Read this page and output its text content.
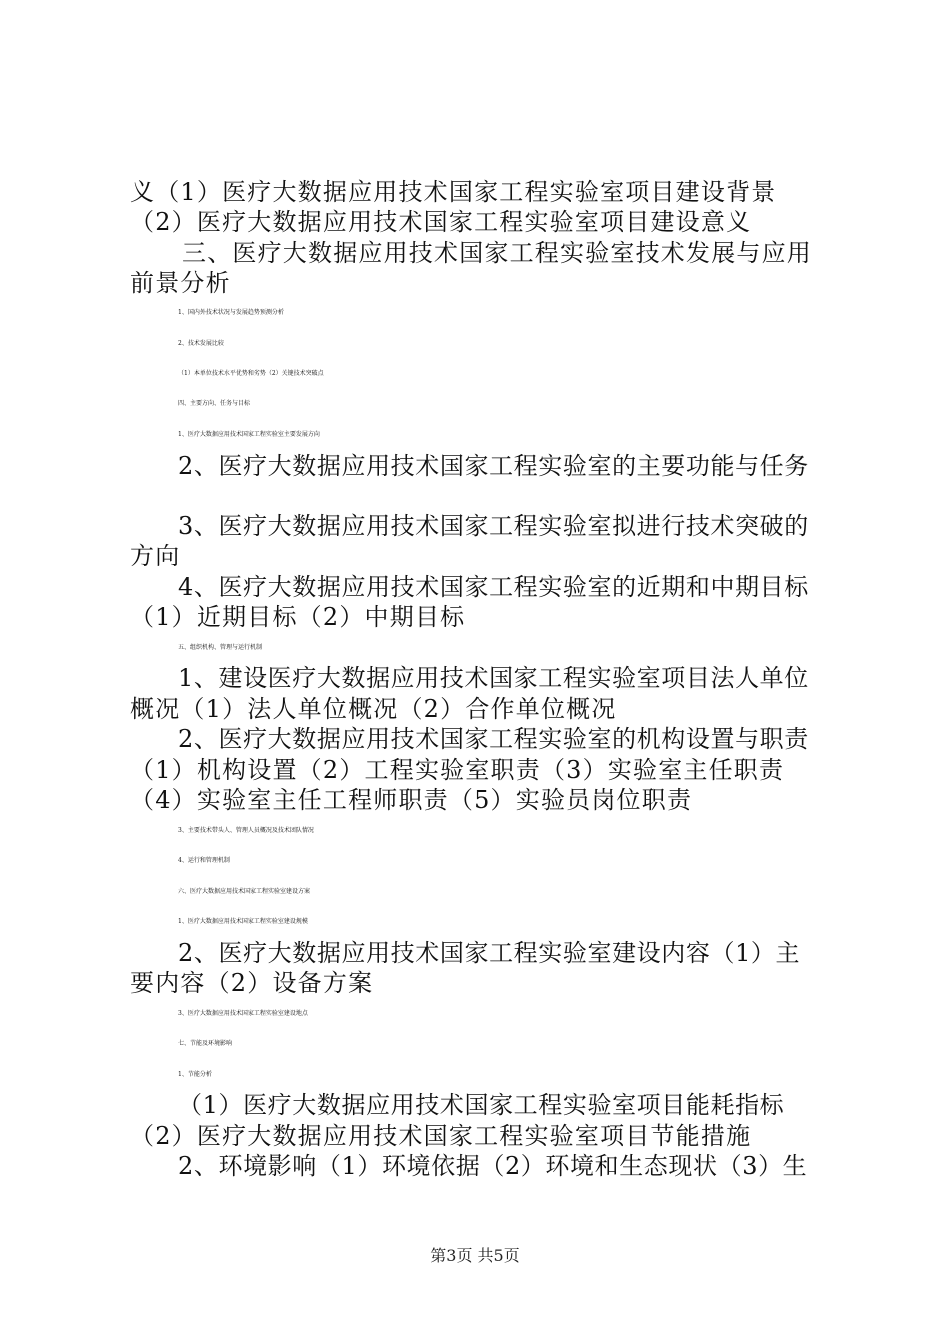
义（1）医疗大数据应用技术国家工程实验室项目建设背景
（2）医疗大数据应用技术国家工程实验室项目建设意义
三、医疗大数据应用技术国家工程实验室技术发展与应用
前景分析
1、国内外技术状况与发展趋势预测分析
2、技术发展比较
（1）本单位技术水平优势和劣势（2）关键技术突破点
四、主要方向、任务与目标
1、医疗大数据应用技术国家工程实验室主要发展方向
2、医疗大数据应用技术国家工程实验室的主要功能与任务
3、医疗大数据应用技术国家工程实验室拟进行技术突破的
方向
4、医疗大数据应用技术国家工程实验室的近期和中期目标
（1）近期目标（2）中期目标
五、组织机构、管理与运行机制
1、建设医疗大数据应用技术国家工程实验室项目法人单位
概况（1）法人单位概况（2）合作单位概况
2、医疗大数据应用技术国家工程实验室的机构设置与职责
（1）机构设置（2）工程实验室职责（3）实验室主任职责
（4）实验室主任工程师职责（5）实验员岗位职责
3、主要技术带头人、管理人员概况及技术团队情况
4、运行和管理机制
六、医疗大数据应用技术国家工程实验室建设方案
1、医疗大数据应用技术国家工程实验室建设规模
2、医疗大数据应用技术国家工程实验室建设内容（1）主
要内容（2）设备方案
3、医疗大数据应用技术国家工程实验室建设地点
七、节能及环境影响
1、节能分析
（1）医疗大数据应用技术国家工程实验室项目能耗指标
（2）医疗大数据应用技术国家工程实验室项目节能措施
2、环境影响（1）环境依据（2）环境和生态现状（3）生
第3页 共5页
